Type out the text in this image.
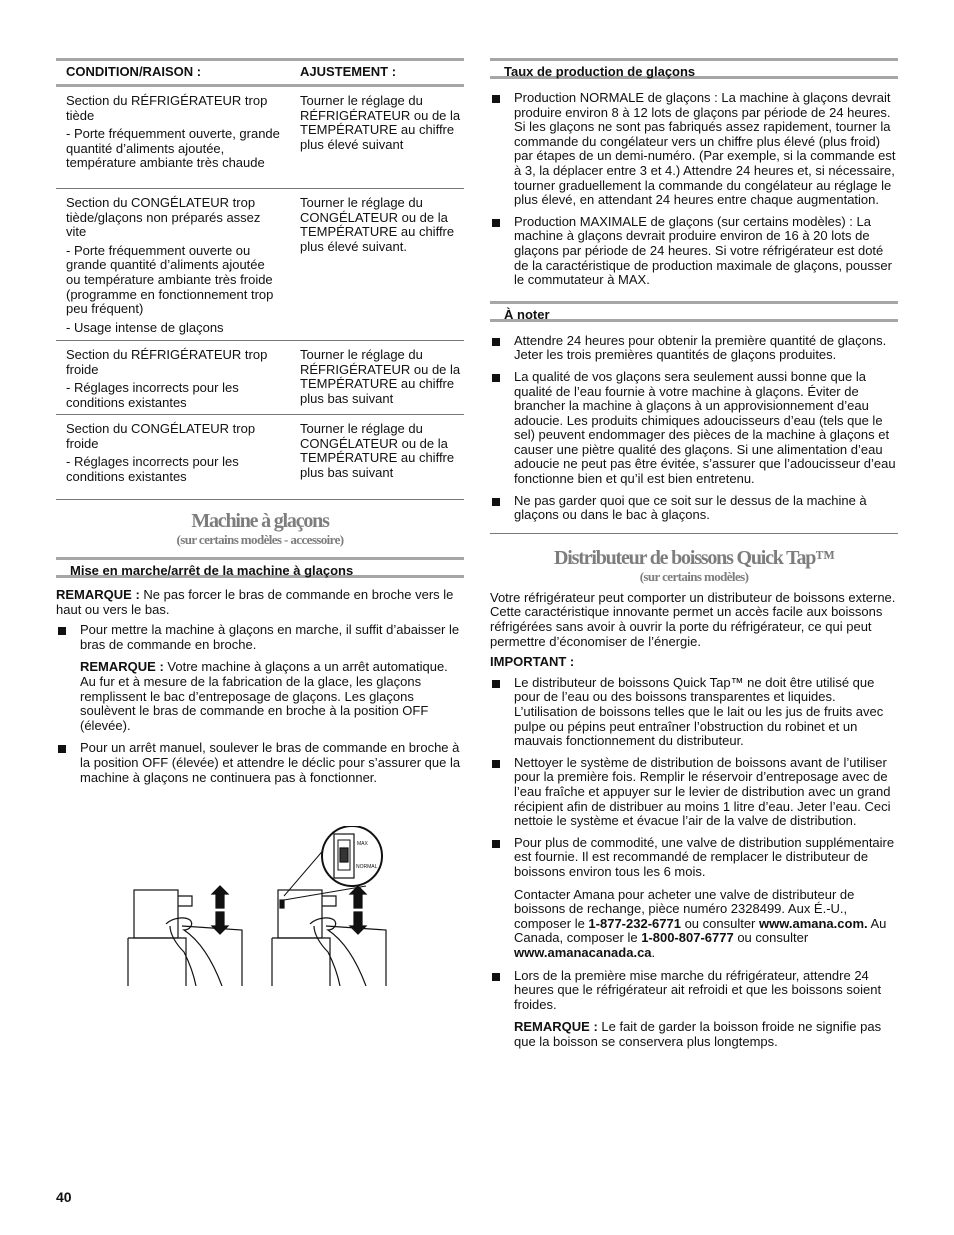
CONDITION/RAISON :	AJUSTEMENT :

Section du RÉFRIGÉRATEUR trop tiède

- Porte fréquemment ouverte, grande quantité d’aliments ajoutée, température ambiante très chaude

Tourner le réglage du RÉFRIGÉRATEUR ou de la TEMPÉRATURE au chiffre plus élevé suivant

Section du CONGÉLATEUR trop tiède/glaçons non préparés assez vite

- Porte fréquemment ouverte ou grande quantité d’aliments ajoutée ou température ambiante très froide (programme en fonctionnement trop peu fréquent)

- Usage intense de glaçons

Tourner le réglage du CONGÉLATEUR ou de la TEMPÉRATURE au chiffre plus élevé suivant.

Section du RÉFRIGÉRATEUR trop froide

- Réglages incorrects pour les conditions existantes

Tourner le réglage du RÉFRIGÉRATEUR ou de la TEMPÉRATURE au chiffre plus bas suivant

Section du CONGÉLATEUR trop froide

- Réglages incorrects pour les conditions existantes

Tourner le réglage du CONGÉLATEUR ou de la TEMPÉRATURE au chiffre plus bas suivant
Machine à glaçons
(sur certains modèles - accessoire)
Mise en marche/arrêt de la machine à glaçons

REMARQUE : Ne pas forcer le bras de commande en broche vers le haut ou vers le bas.

Pour mettre la machine à glaçons en marche, il suffit d’abaisser le bras de commande en broche.

REMARQUE : Votre machine à glaçons a un arrêt automatique. Au fur et à mesure de la fabrication de la glace, les glaçons remplissent le bac d’entreposage de glaçons. Les glaçons soulèvent le bras de commande en broche à la position OFF (élevée).

Pour un arrêt manuel, soulever le bras de commande en broche à la position OFF (élevée) et attendre le déclic pour s’assurer que la machine à glaçons ne continuera pas à fonctionner.

MAX
NORMAL
Taux de production de glaçons

Production NORMALE de glaçons : La machine à glaçons devrait produire environ 8 à 12 lots de glaçons par période de 24 heures. Si les glaçons ne sont pas fabriqués assez rapidement, tourner la commande du congélateur vers un chiffre plus élevé (plus froid) par étapes de un demi-numéro. (Par exemple, si la commande est à 3, la déplacer entre 3 et 4.) Attendre 24 heures et, si nécessaire, tourner graduellement la commande du congélateur au réglage le plus élevé, en attendant 24 heures entre chaque augmentation.

Production MAXIMALE de glaçons (sur certains modèles) : La machine à glaçons devrait produire environ de 16 à 20 lots de glaçons par période de 24 heures. Si votre réfrigérateur est doté de la caractéristique de production maximale de glaçons, pousser le commutateur à MAX.

À noter

Attendre 24 heures pour obtenir la première quantité de glaçons. Jeter les trois premières quantités de glaçons produites.

La qualité de vos glaçons sera seulement aussi bonne que la qualité de l’eau fournie à votre machine à glaçons. Éviter de brancher la machine à glaçons à un approvisionnement d’eau adoucie. Les produits chimiques adoucisseurs d’eau (tels que le sel) peuvent endommager des pièces de la machine à glaçons et causer une piètre qualité des glaçons. Si une alimentation d’eau adoucie ne peut pas être évitée, s’assurer que l’adoucisseur d’eau fonctionne bien et qu’il est bien entretenu.

Ne pas garder quoi que ce soit sur le dessus de la machine à glaçons ou dans le bac à glaçons.

Distributeur de boissons Quick Tap™
(sur certains modèles)

Votre réfrigérateur peut comporter un distributeur de boissons externe. Cette caractéristique innovante permet un accès facile aux boissons réfrigérées sans avoir à ouvrir la porte du réfrigérateur, ce qui peut permettre d’économiser de l’énergie.

IMPORTANT :

Le distributeur de boissons Quick Tap™ ne doit être utilisé que pour de l’eau ou des boissons transparentes et liquides. L’utilisation de boissons telles que le lait ou les jus de fruits avec pulpe ou pépins peut entraîner l’obstruction du robinet et un mauvais fonctionnement du distributeur.

Nettoyer le système de distribution de boissons avant de l’utiliser pour la première fois. Remplir le réservoir d’entreposage avec de l’eau fraîche et appuyer sur le levier de distribution avec un grand récipient afin de distribuer au moins 1 litre d’eau. Jeter l’eau. Ceci nettoie le système et évacue l’air de la valve de distribution.

Pour plus de commodité, une valve de distribution supplémentaire est fournie. Il est recommandé de remplacer le distributeur de boissons environ tous les 6 mois.

Contacter Amana pour acheter une valve de distributeur de boissons de rechange, pièce numéro 2328499. Aux É.-U., composer le 1-877-232-6771 ou consulter www.amana.com. Au Canada, composer le 1-800-807-6777 ou consulter www.amanacanada.ca.

Lors de la première mise marche du réfrigérateur, attendre 24 heures que le réfrigérateur ait refroidi et que les boissons soient froides.

REMARQUE : Le fait de garder la boisson froide ne signifie pas que la boisson se conservera plus longtemps.

40
